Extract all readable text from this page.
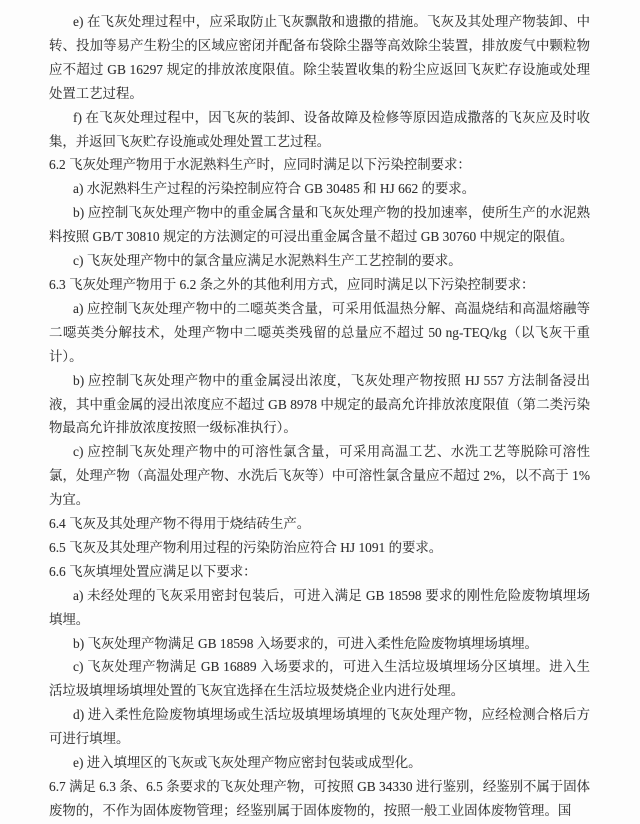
e) 在飞灰处理过程中，应采取防止飞灰飘散和遗撒的措施。飞灰及其处理产物装卸、中转、投加等易产生粉尘的区域应密闭并配备布袋除尘器等高效除尘装置，排放废气中颗粒物应不超过 GB 16297 规定的排放浓度限值。除尘装置收集的粉尘应返回飞灰贮存设施或处理处置工艺过程。

f) 在飞灰处理过程中，因飞灰的装卸、设备故障及检修等原因造成撒落的飞灰应及时收集，并返回飞灰贮存设施或处理处置工艺过程。

6.2 飞灰处理产物用于水泥熟料生产时，应同时满足以下污染控制要求：

a) 水泥熟料生产过程的污染控制应符合 GB 30485 和 HJ 662 的要求。

b) 应控制飞灰处理产物中的重金属含量和飞灰处理产物的投加速率，使所生产的水泥熟料按照 GB/T 30810 规定的方法测定的可浸出重金属含量不超过 GB 30760 中规定的限值。

c) 飞灰处理产物中的氯含量应满足水泥熟料生产工艺控制的要求。

6.3 飞灰处理产物用于 6.2 条之外的其他利用方式，应同时满足以下污染控制要求：

a) 应控制飞灰处理产物中的二噁英类含量，可采用低温热分解、高温烧结和高温熔融等二噁英类分解技术，处理产物中二噁英类残留的总量应不超过 50 ng-TEQ/kg（以飞灰干重计）。

b) 应控制飞灰处理产物中的重金属浸出浓度，飞灰处理产物按照 HJ 557 方法制备浸出液，其中重金属的浸出浓度应不超过 GB 8978 中规定的最高允许排放浓度限值（第二类污染物最高允许排放浓度按照一级标准执行）。

c) 应控制飞灰处理产物中的可溶性氯含量，可采用高温工艺、水洗工艺等脱除可溶性氯，处理产物（高温处理产物、水洗后飞灰等）中可溶性氯含量应不超过 2%，以不高于 1%为宜。

6.4 飞灰及其处理产物不得用于烧结砖生产。

6.5 飞灰及其处理产物利用过程的污染防治应符合 HJ 1091 的要求。

6.6 飞灰填埋处置应满足以下要求：

a) 未经处理的飞灰采用密封包装后，可进入满足 GB 18598 要求的刚性危险废物填埋场填埋。

b) 飞灰处理产物满足 GB 18598 入场要求的，可进入柔性危险废物填埋场填埋。

c) 飞灰处理产物满足 GB 16889 入场要求的，可进入生活垃圾填埋场分区填埋。进入生活垃圾填埋场填埋处置的飞灰宜选择在生活垃圾焚烧企业内进行处理。

d) 进入柔性危险废物填埋场或生活垃圾填埋场填埋的飞灰处理产物，应经检测合格后方可进行填埋。

e) 进入填埋区的飞灰或飞灰处理产物应密封包装或成型化。

6.7 满足 6.3 条、6.5 条要求的飞灰处理产物，可按照 GB 34330 进行鉴别，经鉴别不属于固体废物的，不作为固体废物管理；经鉴别属于固体废物的，按照一般工业固体废物管理。国
